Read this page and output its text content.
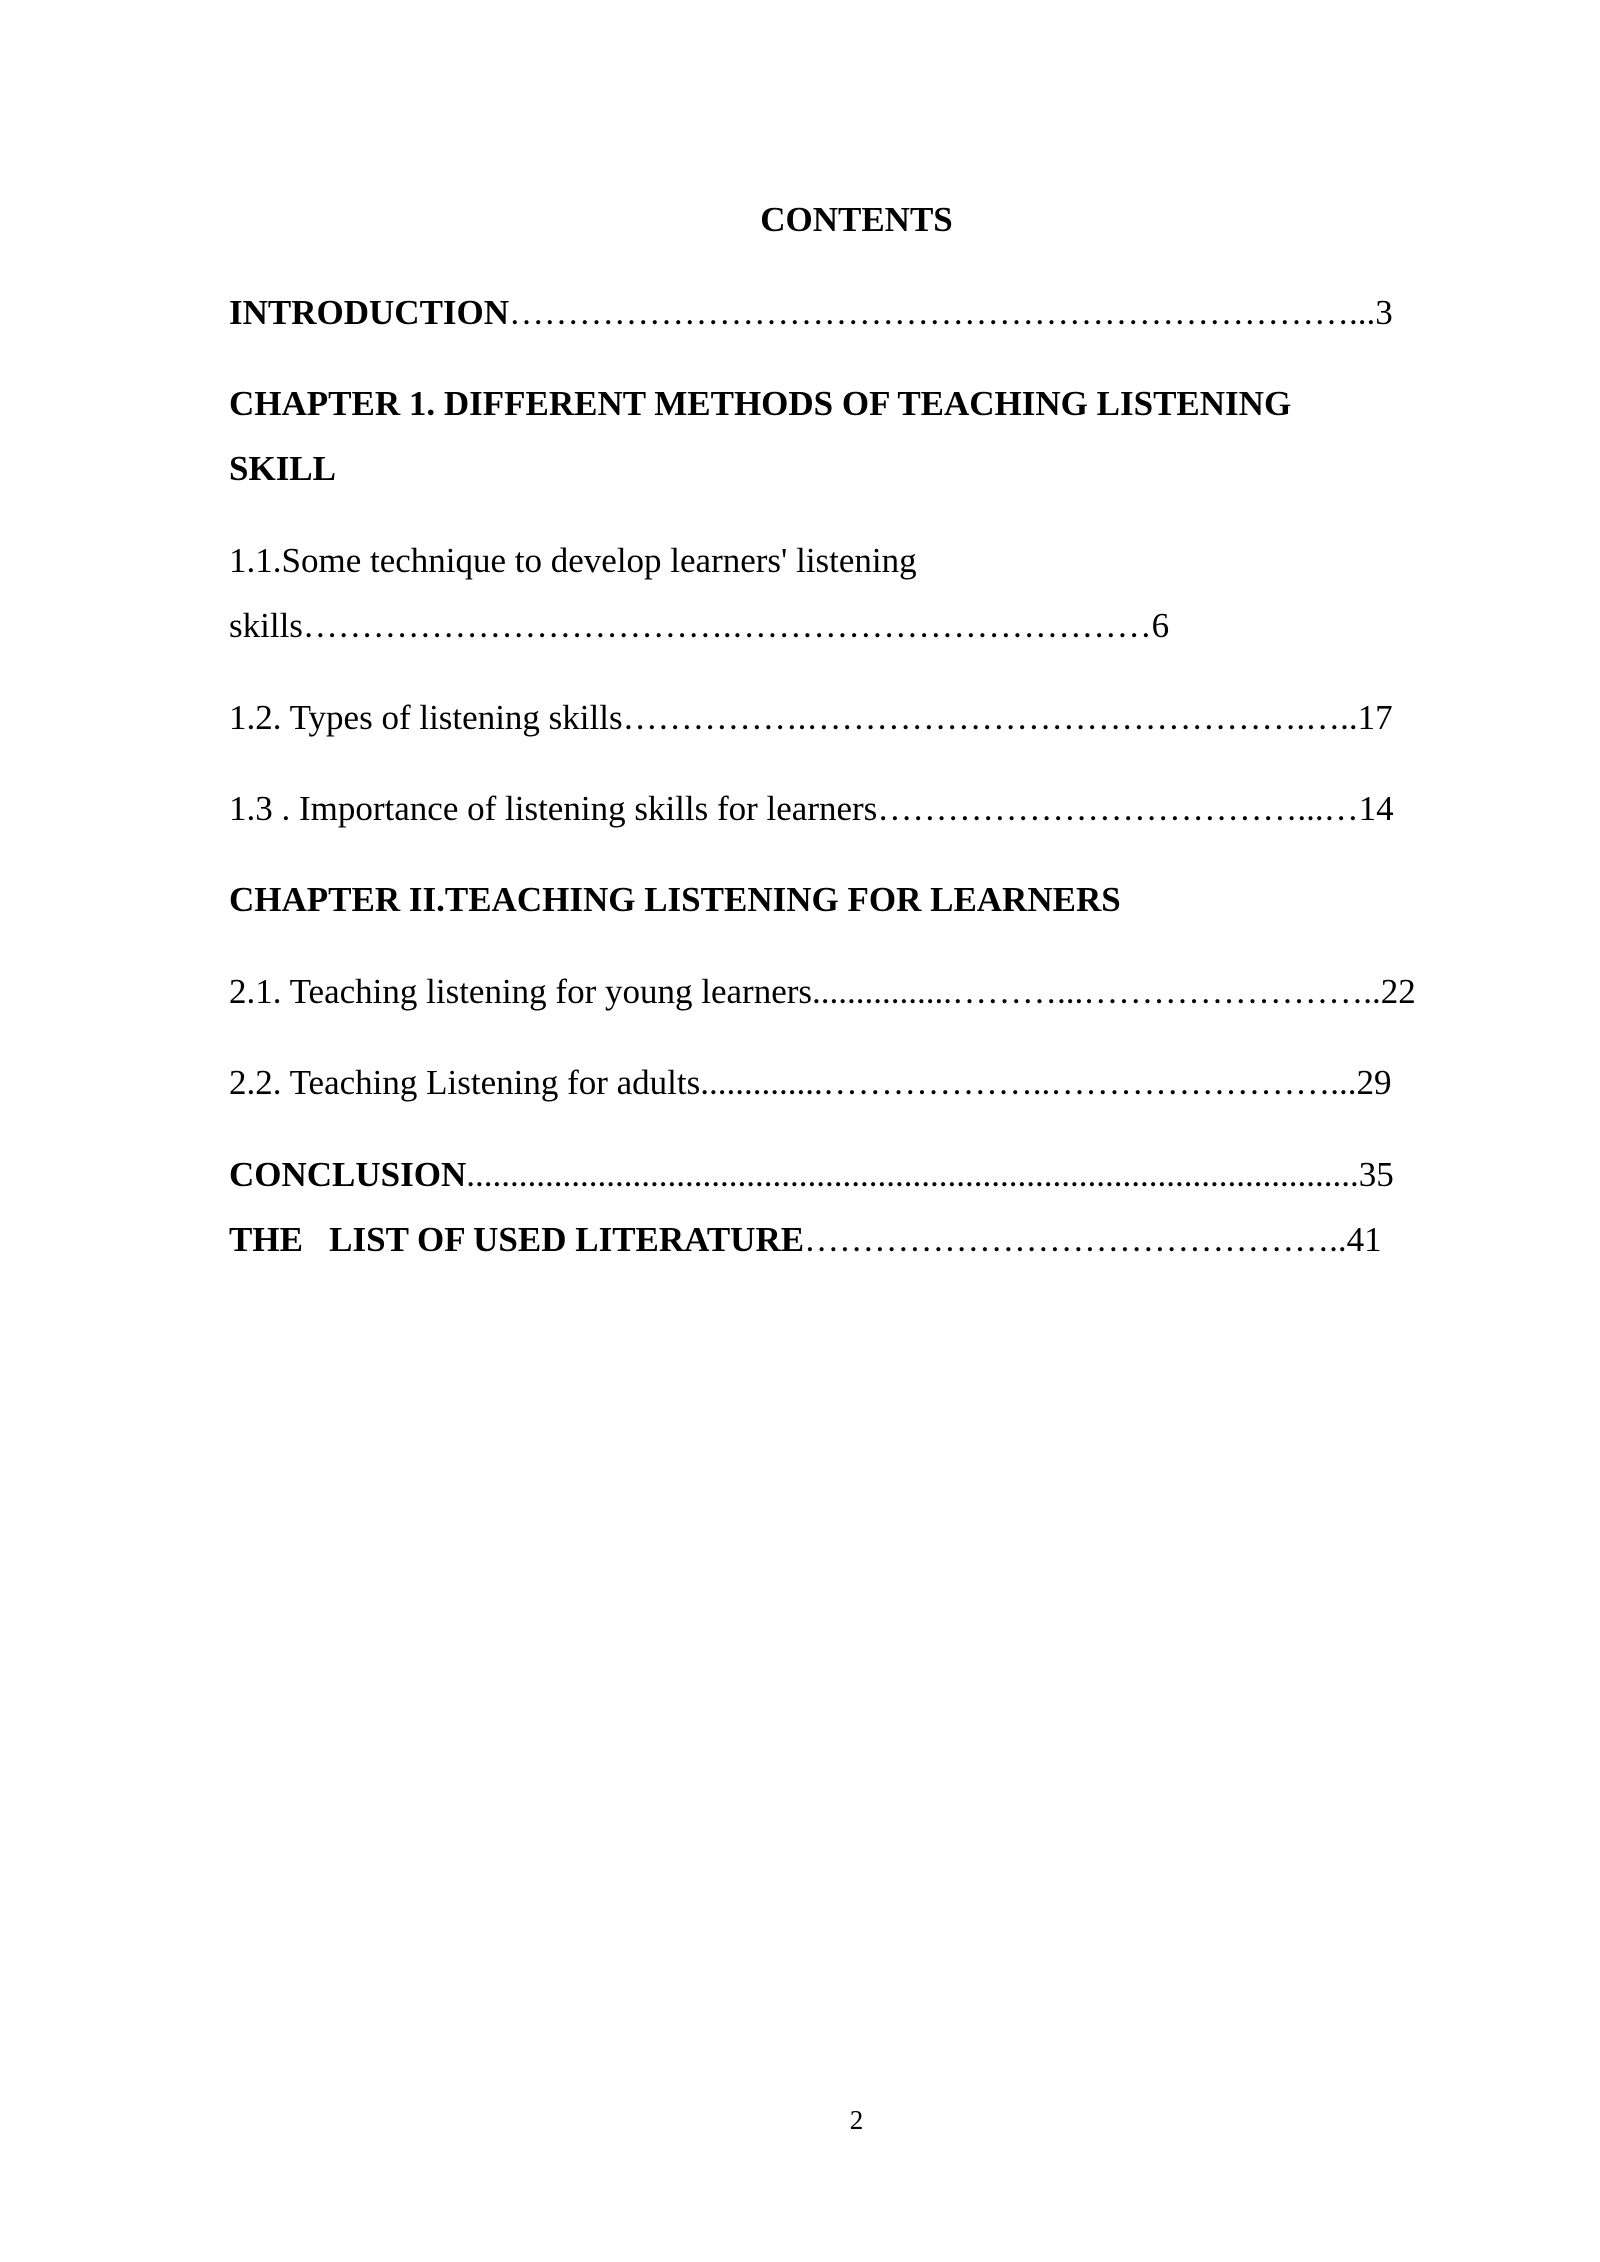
CONTENTS
INTRODUCTION………………………………………………………………...3
CHAPTER 1. DIFFERENT METHODS OF TEACHING LISTENING
SKILL
1.1.Some technique to develop learners' listening
skills……………………………….………………………………6
1.2. Types of listening skills…………….…………………………………….…..17
1.3 . Importance of listening skills for learners………………………………...…14
CHAPTER II.TEACHING LISTENING FOR LEARNERS
2.1. Teaching listening for young learners................………...……………………..22
2.2. Teaching Listening for adults..............………………..……………………...29
CONCLUSION......................................................................................................35
THE   LIST OF USED LITERATURE………………………………………..41
2
